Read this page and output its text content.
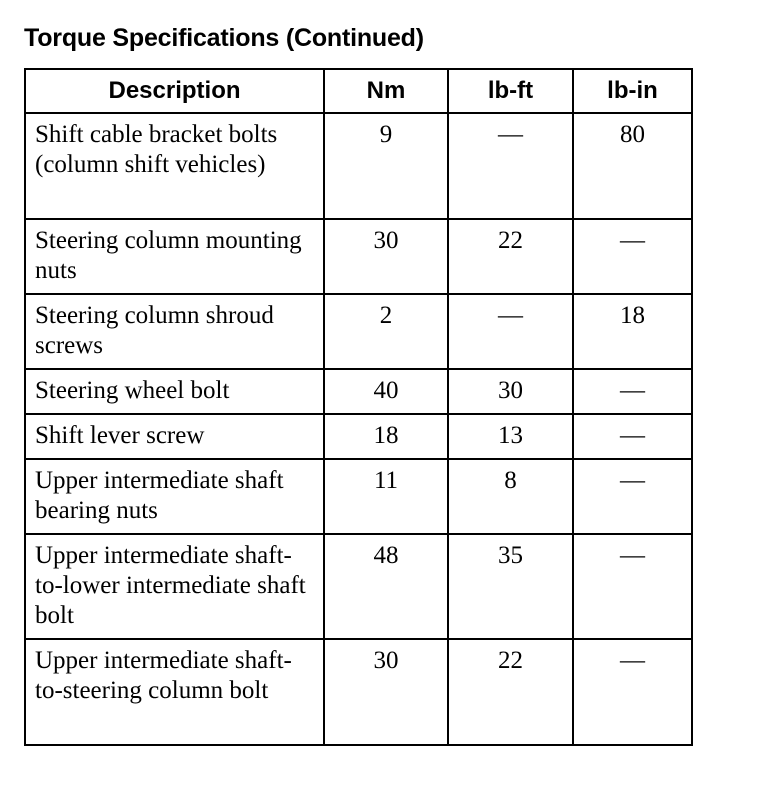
Torque Specifications (Continued)
Description	Nm	lb-ft	lb-in
Shift cable bracket bolts (column shift vehicles)	9	—	80
Steering column mounting nuts	30	22	—
Steering column shroud screws	2	—	18
Steering wheel bolt	40	30	—
Shift lever screw	18	13	—
Upper intermediate shaft bearing nuts	11	8	—
Upper intermediate shaft-to-lower intermediate shaft bolt	48	35	—
Upper intermediate shaft-to-steering column bolt	30	22	—
